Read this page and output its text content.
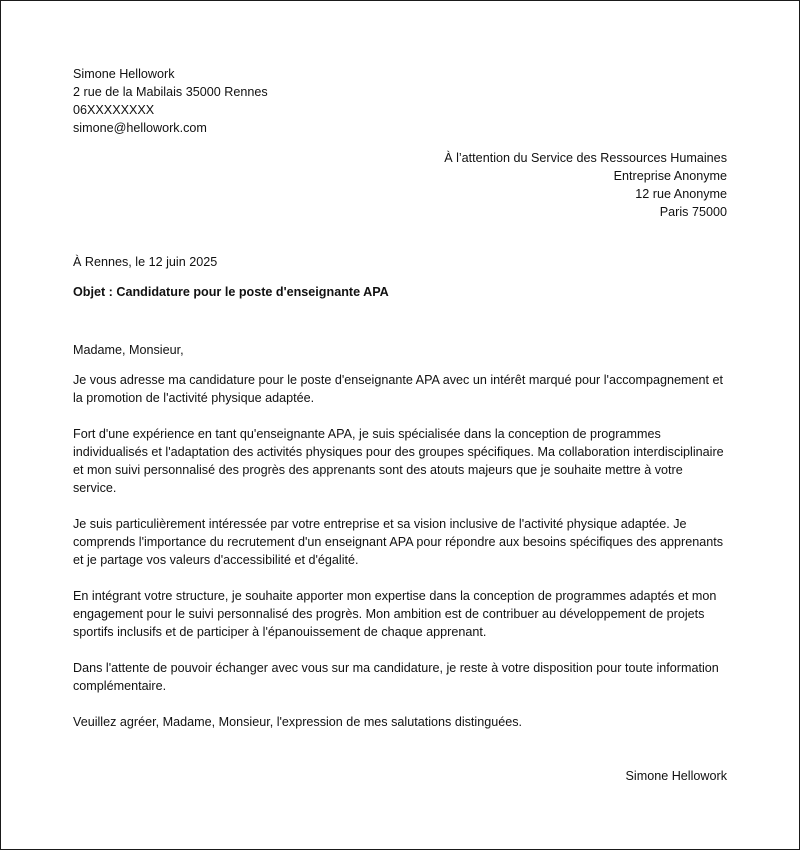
Simone Hellowork
2 rue de la Mabilais 35000 Rennes
06XXXXXXXX
simone@hellowork.com
À l’attention du Service des Ressources Humaines
Entreprise Anonyme
12 rue Anonyme
Paris 75000
À Rennes, le 12 juin 2025
Objet : Candidature pour le poste d'enseignante APA

Madame, Monsieur,

Je vous adresse ma candidature pour le poste d'enseignante APA avec un intérêt marqué pour l'accompagnement et la promotion de l'activité physique adaptée.

Fort d'une expérience en tant qu'enseignante APA, je suis spécialisée dans la conception de programmes individualisés et l'adaptation des activités physiques pour des groupes spécifiques. Ma collaboration interdisciplinaire et mon suivi personnalisé des progrès des apprenants sont des atouts majeurs que je souhaite mettre à votre service.

Je suis particulièrement intéressée par votre entreprise et sa vision inclusive de l'activité physique adaptée. Je comprends l'importance du recrutement d'un enseignant APA pour répondre aux besoins spécifiques des apprenants et je partage vos valeurs d'accessibilité et d'égalité.

En intégrant votre structure, je souhaite apporter mon expertise dans la conception de programmes adaptés et mon engagement pour le suivi personnalisé des progrès. Mon ambition est de contribuer au développement de projets sportifs inclusifs et de participer à l'épanouissement de chaque apprenant.

Dans l'attente de pouvoir échanger avec vous sur ma candidature, je reste à votre disposition pour toute information complémentaire.

Veuillez agréer, Madame, Monsieur, l'expression de mes salutations distinguées.

Simone Hellowork
